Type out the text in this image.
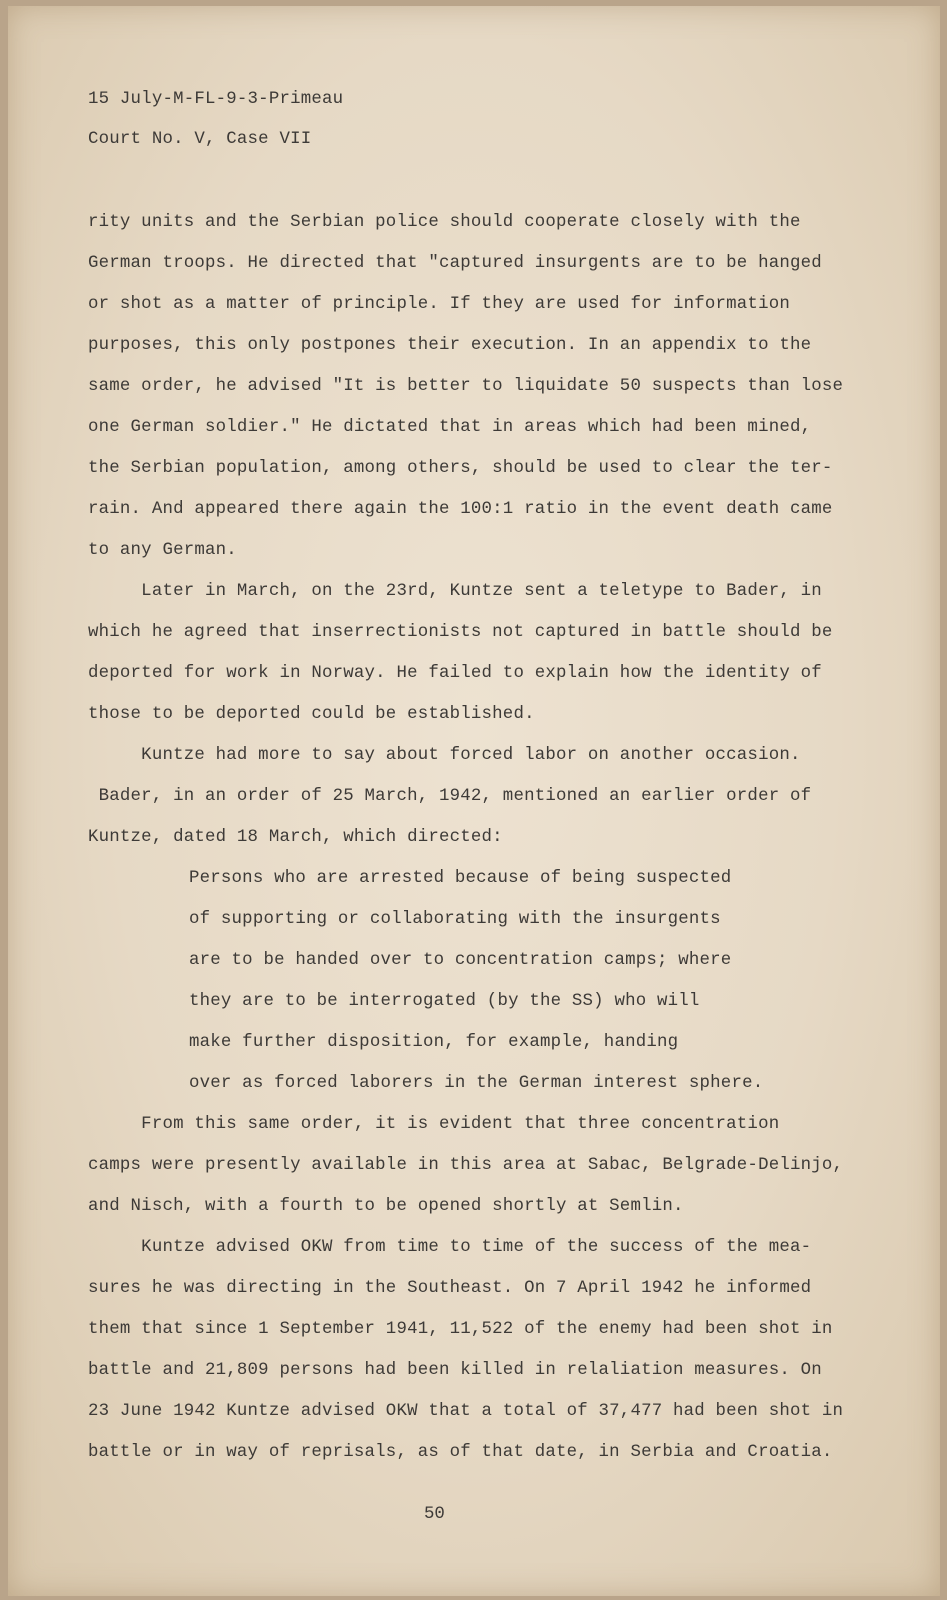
15 July-M-FL-9-3-Primeau

Court No. V, Case VII

rity units and the Serbian police should cooperate closely with the

German troops. He directed that "captured insurgents are to be hanged

or shot as a matter of principle. If they are used for information

purposes, this only postpones their execution. In an appendix to the

same order, he advised "It is better to liquidate 50 suspects than lose

one German soldier." He dictated that in areas which had been mined,

the Serbian population, among others, should be used to clear the ter-

rain. And appeared there again the 100:1 ratio in the event death came

to any German.

Later in March, on the 23rd, Kuntze sent a teletype to Bader, in

which he agreed that inserrectionists not captured in battle should be

deported for work in Norway. He failed to explain how the identity of

those to be deported could be established.

Kuntze had more to say about forced labor on another occasion.

Bader, in an order of 25 March, 1942, mentioned an earlier order of

Kuntze, dated 18 March, which directed:

Persons who are arrested because of being suspected

of supporting or collaborating with the insurgents

are to be handed over to concentration camps; where

they are to be interrogated (by the SS) who will

make further disposition, for example, handing

over as forced laborers in the German interest sphere.

From this same order, it is evident that three concentration

camps were presently available in this area at Sabac, Belgrade-Delinjo,

and Nisch, with a fourth to be opened shortly at Semlin.

Kuntze advised OKW from time to time of the success of the mea-

sures he was directing in the Southeast. On 7 April 1942 he informed

them that since 1 September 1941, 11,522 of the enemy had been shot in

battle and 21,809 persons had been killed in relaliation measures. On

23 June 1942 Kuntze advised OKW that a total of 37,477 had been shot in

battle or in way of reprisals, as of that date, in Serbia and Croatia.

50
